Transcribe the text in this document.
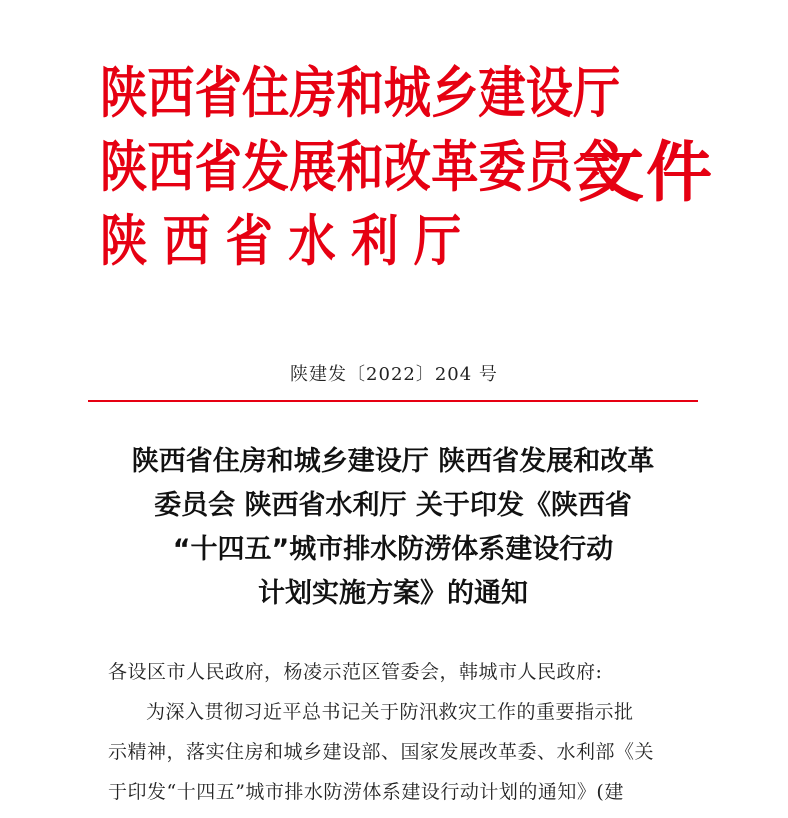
陕西省住房和城乡建设厅
陕西省发展和改革委员会
陕西省水利厅
文件
陕建发〔2022〕204 号
陕西省住房和城乡建设厅 陕西省发展和改革
委员会 陕西省水利厅 关于印发《陕西省
“十四五”城市排水防涝体系建设行动
计划实施方案》的通知
各设区市人民政府，杨凌示范区管委会，韩城市人民政府:
为深入贯彻习近平总书记关于防汛救灾工作的重要指示批
示精神，落实住房和城乡建设部、国家发展改革委、水利部《关
于印发“十四五”城市排水防涝体系建设行动计划的通知》(建
